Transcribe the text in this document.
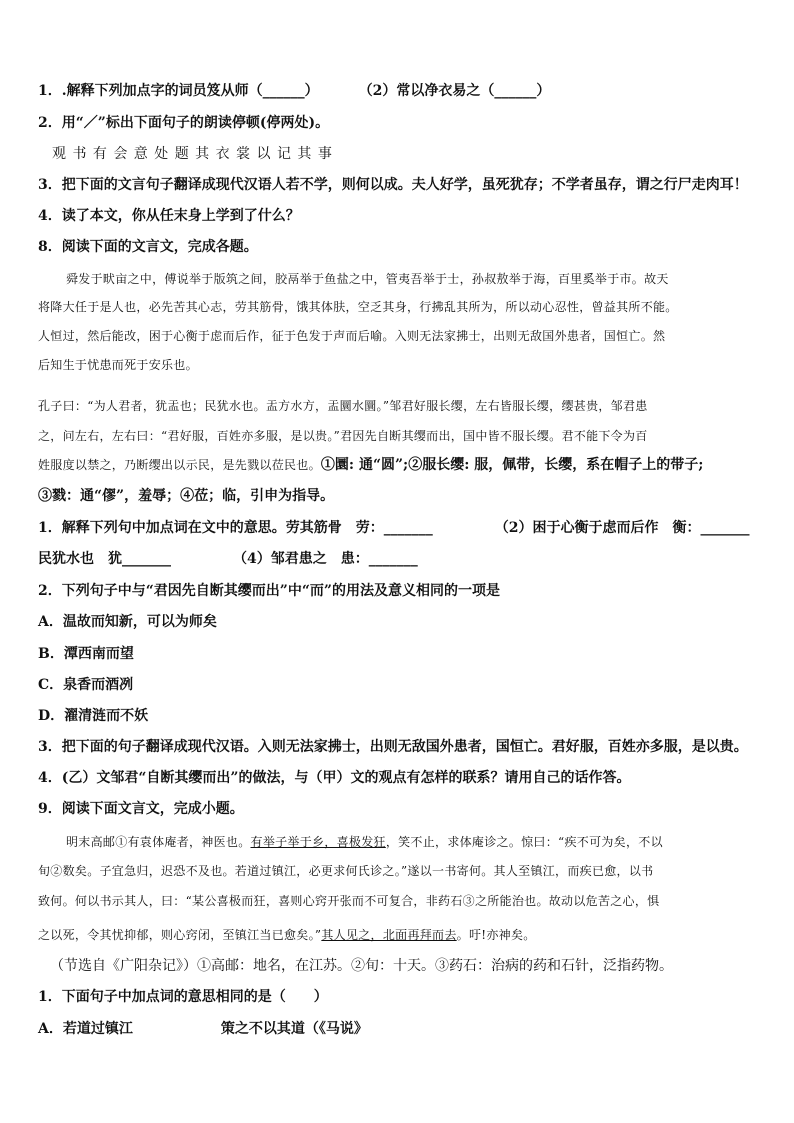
1．.解释下列加点字的词员笈从师（______）	（2）常以净衣易之（______）
2．用“／”标出下面句子的朗读停顿(停两处)。
观 书 有 会 意 处 题 其 衣 裳 以 记 其 事
3．把下面的文言句子翻译成现代汉语人若不学，则何以成。夫人好学，虽死犹存；不学者虽存，谓之行尸走肉耳！
4．读了本文，你从任末身上学到了什么？
8．阅读下面的文言文，完成各题。
舜发于畎亩之中，傅说举于版筑之间，胶鬲举于鱼盐之中，管夷吾举于士，孙叔敖举于海，百里奚举于市。故天
将降大任于是人也，必先苦其心志，劳其筋骨，饿其体肤，空乏其身，行拂乱其所为，所以动心忍性，曾益其所不能。
人恒过，然后能改，困于心衡于虑而后作，征于色发于声而后喻。入则无法家拂士，出则无敌国外患者，国恒亡。然
后知生于忧患而死于安乐也。
孔子曰：“为人君者，犹盂也；民犹水也。盂方水方，盂圜水圜。”邹君好服长缨，左右皆服长缨，缨甚贵，邹君患
之，问左右，左右曰：“君好服，百姓亦多服，是以贵。”君因先自断其缨而出，国中皆不服长缨。君不能下令为百
姓服度以禁之，乃断缨出以示民，是先戮以莅民也。①圜: 通“圆”;②服长缨: 服，佩带，长缨，系在帽子上的带子;
③戮：通“僇”，羞辱；④莅；临，引申为指导。
1．解释下列句中加点词在文中的意思。劳其筋骨　劳：_______	（2）困于心衡于虑而后作　衡：_______
民犹水也　犹_______	（4）邹君患之　患：_______
2．下列句子中与“君因先自断其缨而出”中“而”的用法及意义相同的一项是
A．温故而知新，可以为师矣
B．潭西南而望
C．泉香而酒冽
D．濯清涟而不妖
3．把下面的句子翻译成现代汉语。入则无法家拂士，出则无敌国外患者，国恒亡。君好服，百姓亦多服，是以贵。
4．(乙）文邹君“自断其缨而出”的做法，与（甲）文的观点有怎样的联系？请用自己的话作答。
9．阅读下面文言文，完成小题。
明末高邮①有袁体庵者，神医也。有举子举于乡，喜极发狂，笑不止，求体庵诊之。惊曰：“疾不可为矣，不以
旬②数矣。子宜急归，迟恐不及也。若道过镇江，必更求何氏诊之。”遂以一书寄何。其人至镇江，而疾已愈，以书
致何。何以书示其人，曰：“某公喜极而狂，喜则心窍开张而不可复合，非药石③之所能治也。故动以危苦之心，惧
之以死，令其忧抑郁，则心窍闭，至镇江当已愈矣。”其人见之，北面再拜而去。吁!亦神矣。
（节选自《广阳杂记》）①高邮：地名，在江苏。②旬：十天。③药石：治病的药和石针，泛指药物。
1．下面句子中加点词的意思相同的是（　　）
A．若道过镇江	策之不以其道（《马说》
